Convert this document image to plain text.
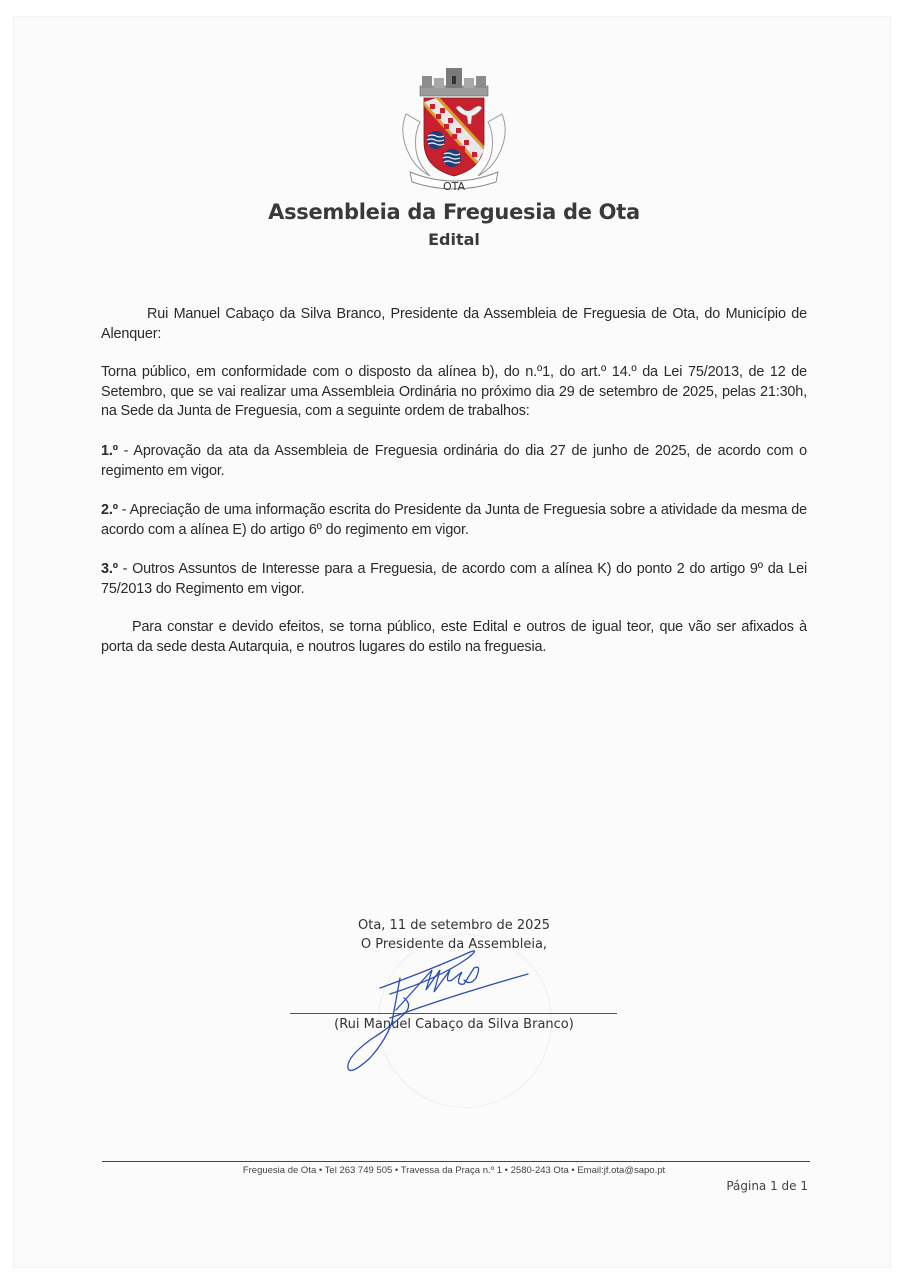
OTA
Assembleia da Freguesia de Ota
Edital

Rui Manuel Cabaço da Silva Branco, Presidente da Assembleia de Freguesia de Ota, do Município de Alenquer:

Torna público, em conformidade com o disposto da alínea b), do n.º1, do art.º 14.º da Lei 75/2013, de 12 de Setembro, que se vai realizar uma Assembleia Ordinária no próximo dia 29 de setembro de 2025, pelas 21:30h, na Sede da Junta de Freguesia, com a seguinte ordem de trabalhos:

1.º - Aprovação da ata da Assembleia de Freguesia ordinária do dia 27 de junho de 2025, de acordo com o regimento em vigor.

2.º - Apreciação de uma informação escrita do Presidente da Junta de Freguesia sobre a atividade da mesma de acordo com a alínea E) do artigo 6º do regimento em vigor.

3.º - Outros Assuntos de Interesse para a Freguesia, de acordo com a alínea K) do ponto 2 do artigo 9º da Lei 75/2013 do Regimento em vigor.

Para constar e devido efeitos, se torna público, este Edital e outros de igual teor, que vão ser afixados à porta da sede desta Autarquia, e noutros lugares do estilo na freguesia.

Ota, 11 de setembro de 2025
O Presidente da Assembleia,
(Rui Manuel Cabaço da Silva Branco)
Freguesia de Ota • Tel 263 749 505 • Travessa da Praça n.º 1 • 2580-243 Ota • Email:jf.ota@sapo.pt
Página 1 de 1
